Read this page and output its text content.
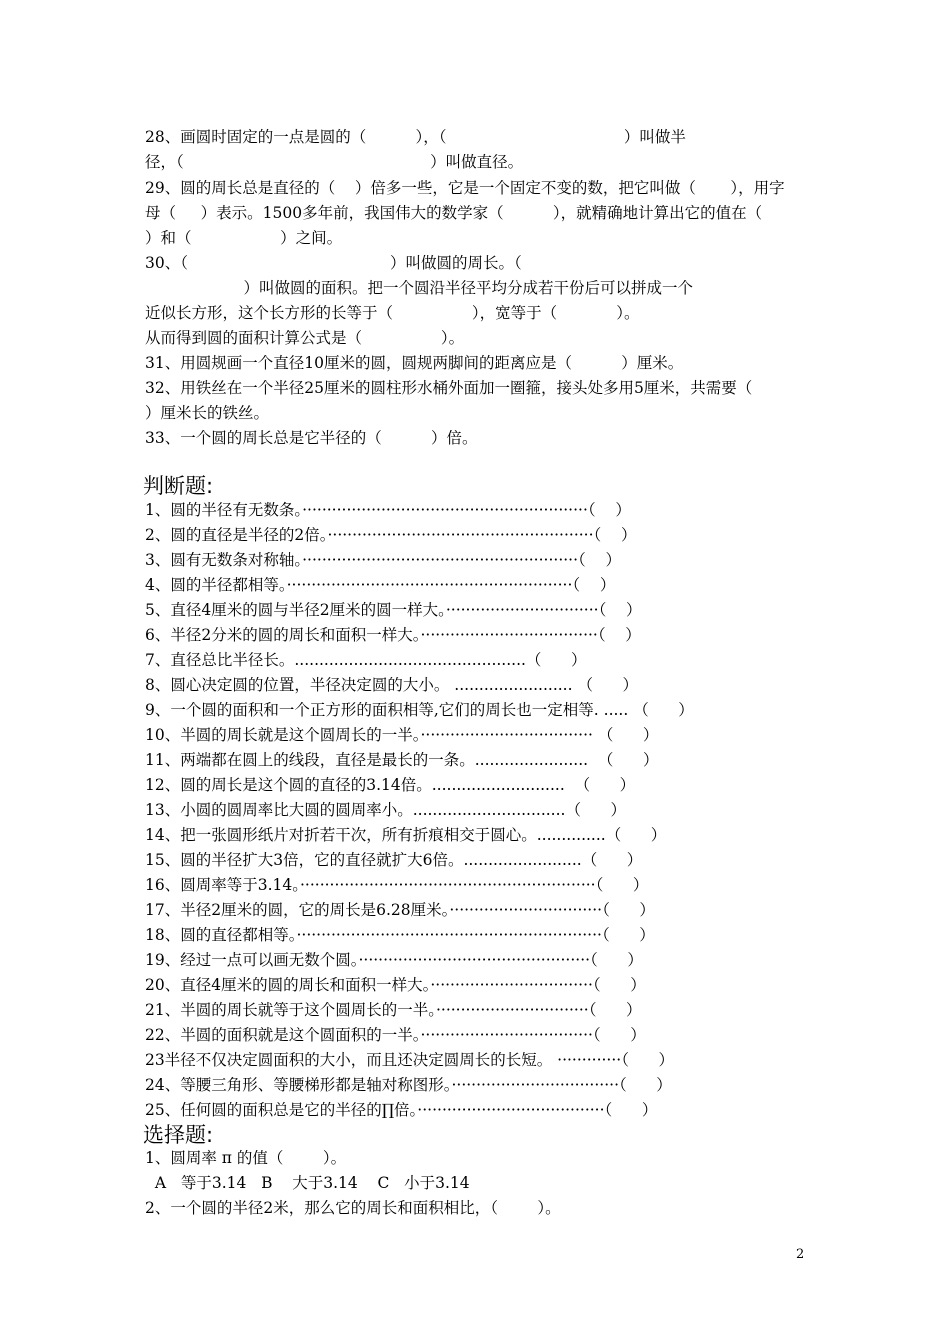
28、画圆时固定的一点是圆的（          ），（                                    ）叫做半
径，（                                                  ）叫做直径。
29、圆的周长总是直径的（    ）倍多一些，它是一个固定不变的数，把它叫做（       ），用字
母（     ）表示。1500多年前，我国伟大的数学家（          ），就精确地计算出它的值在（
）和（                  ）之间。
30、（                                         ）叫做圆的周长。（
）叫做圆的面积。把一个圆沿半径平均分成若干份后可以拼成一个
近似长方形，这个长方形的长等于（                ），宽等于（            ）。
从而得到圆的面积计算公式是（                ）。
31、用圆规画一个直径10厘米的圆，圆规两脚间的距离应是（          ）厘米。
32、用铁丝在一个半径25厘米的圆柱形水桶外面加一圈箍，接头处多用5厘米，共需要（
）厘米长的铁丝。
33、一个圆的周长总是它半径的（          ）倍。
判断题:
1、圆的半径有无数条。··························································（    ）
2、圆的直径是半径的2倍。······················································（    ）
3、圆有无数条对称轴。························································（    ）
4、圆的半径都相等。··························································（    ）
5、直径4厘米的圆与半径2厘米的圆一样大。·······························（    ）
6、半径2分米的圆的周长和面积一样大。····································（    ）
7、直径总比半径长。...............................................（      ）
8、圆心决定圆的位置，半径决定圆的大小。 ........................ （      ）
9、一个圆的面积和一个正方形的面积相等,它们的周长也一定相等. ..... （      ）
10、半圆的周长就是这个圆周长的一半。··································· （      ）
11、两端都在圆上的线段，直径是最长的一条。.......................  （      ）
12、圆的周长是这个圆的直径的3.14倍。...........................  （      ）
13、小圆的圆周率比大圆的圆周率小。...............................（      ）
14、把一张圆形纸片对折若干次，所有折痕相交于圆心。..............（      ）
15、圆的半径扩大3倍，它的直径就扩大6倍。........................（      ）
16、圆周率等于3.14。····························································（      ）
17、半径2厘米的圆，它的周长是6.28厘米。·······························（      ）
18、圆的直径都相等。······························································（      ）
19、经过一点可以画无数个圆。···············································（      ）
20、直径4厘米的圆的周长和面积一样大。·································（      ）
21、半圆的周长就等于这个圆周长的一半。·······························（      ）
22、半圆的面积就是这个圆面积的一半。···································（      ）
23半径不仅决定圆面积的大小，而且还决定圆周长的长短。 ·············（      ）
24、等腰三角形、等腰梯形都是轴对称图形。··································（      ）
25、任何圆的面积总是它的半径的∏倍。······································（      ）
选择题:
1、圆周率 π 的值（        ）。
A   等于3.14   B    大于3.14    C   小于3.14
2、一个圆的半径2米，那么它的周长和面积相比，（        ）。
2
